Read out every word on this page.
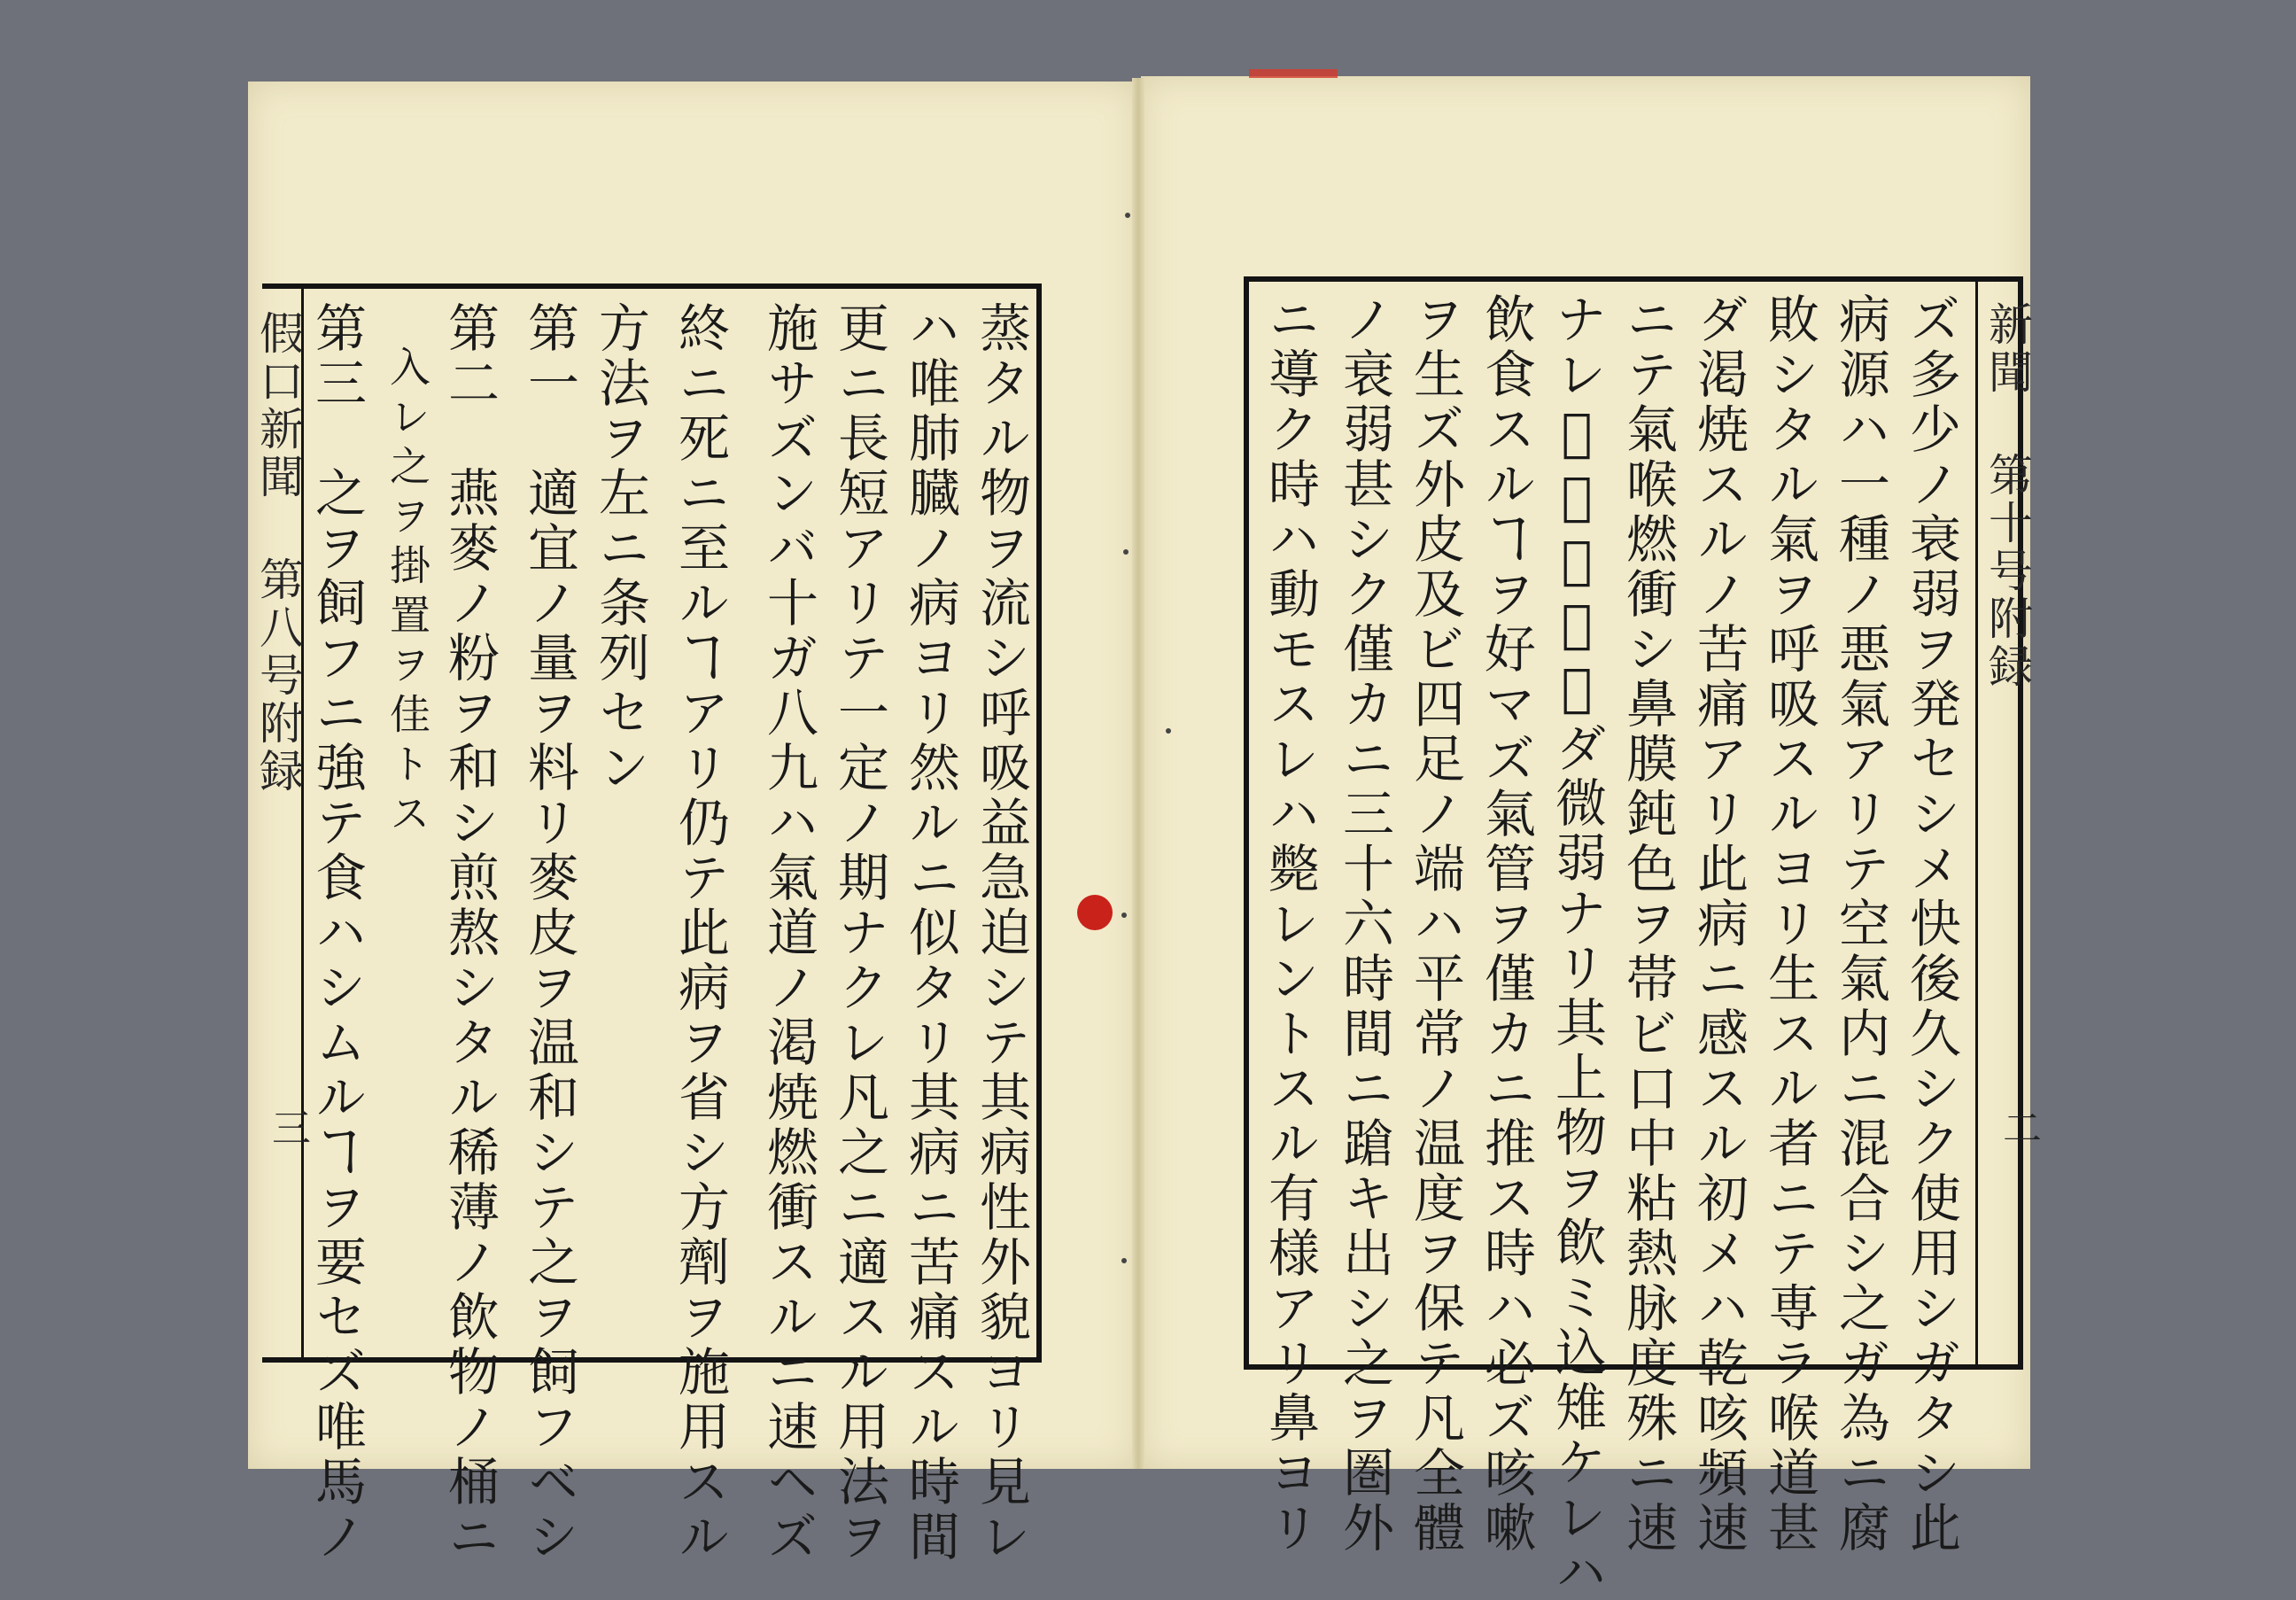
假口新聞 第八号附録
三	蒸タル物ヲ流シ呼吸益急迫シテ其病性外貌ヨリ見レ
ハ唯肺臓ノ病ヨリ然ルニ似タリ其病ニ苦痛スル時間
更ニ長短アリテ一定ノ期ナクレ凡之ニ適スル用法ヲ
施サズンバ十ガ八九ハ氣道ノ渇焼燃衝スルニ速ヘズ
終ニ死ニ至ルヿアリ仍テ此病ヲ省シ方劑ヲ施用スル
方法ヲ左ニ条列セン
第一　適宜ノ量ヲ料リ麥皮ヲ温和シテ之ヲ飼フベシ
第二　燕麥ノ粉ヲ和シ煎熬シタル稀薄ノ飲物ノ桶ニ
入レ之ヲ掛置ヲ佳トス
第三　之ヲ飼フニ強テ食ハシムルヿヲ要セズ唯馬ノ	新聞 第十号附録
二
ズ多少ノ衰弱ヲ発セシメ快後久シク使用シガタシ此
病源ハ一種ノ悪氣アリテ空氣内ニ混合シ之ガ為ニ腐
敗シタル氣ヲ呼吸スルヨリ生スル者ニテ専ラ喉道甚
ダ渇焼スルノ苦痛アリ此病ニ感スル初メハ乾咳頻速
ニテ氣喉燃衝シ鼻膜鈍色ヲ帯ビ口中粘熱脉度殊ニ速
ナレ𪜈其動力甚ダ微弱ナリ其上物ヲ飲ミ込雉ケレハ
飲食スルヿヲ好マズ氣管ヲ僅カニ推ス時ハ必ズ咳嗽
ヲ生ズ外皮及ビ四足ノ端ハ平常ノ温度ヲ保テ凡全體
ノ衰弱甚シク僅カニ三十六時間ニ蹌キ出シ之ヲ圏外
ニ導ク時ハ動モスレハ斃レントスル有様アリ鼻ヨリ
